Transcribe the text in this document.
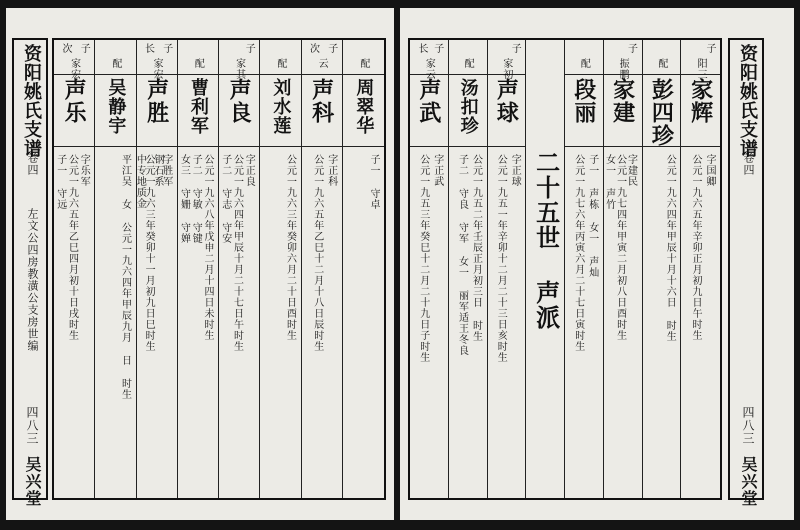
资阳姚氏支谱
卷四
左文公四房教潢公支房世编
四八三
吴兴堂
子
次
家宏
声乐
字乐军
公元一九六五年乙巳四月初十日戌时生
子一 守远
配
吴静宇
平江吴 女 公元一九六四年甲辰九月 日 时生
子
长
家宏
声胜
字胜军
钢石系
公元一九六三年癸卯十一月初九日巳时生
中专地质金
配
曹利军
公元一九六八年戊申二月十四日未时生
子二 守敏 守键
女三 守姗 守婵
子
家其
声良
字正良
公元一九六四年甲辰十月二十七日午时生
子二 守志 守安
配
刘水莲
公元一九六三年癸卯六月二十日酉时生
子
次
云
声科
字正科
公元一九六五年乙巳十二月十八日辰时生
配
周翠华
子一 守卓
子
长
家云
声武
字正武
公元一九五三年癸巳十二月二十九日子时生
配
汤扣珍
公元一九五二年壬辰正月初三日 时生
子二 守良 守军 女一 丽军适王冬良
子
家初
声球
字正球
公元一九五一年辛卯十二月二十三日亥时生 二十五世 声派
配
段丽
子一 声栋 女一 声灿
公元一九七六年丙寅六月二十七日寅时生
子
振鹏
家建
字建民
公元一九七四年甲寅二月初八日酉时生
女一 声竹
配
彭四珍
公元一九六四年甲辰十月十六日 时生
子
阳三
家辉
字国卿
公元一九六五年辛卯正月初九日午时生
资阳姚氏支谱
卷四
四八三
吴兴堂
